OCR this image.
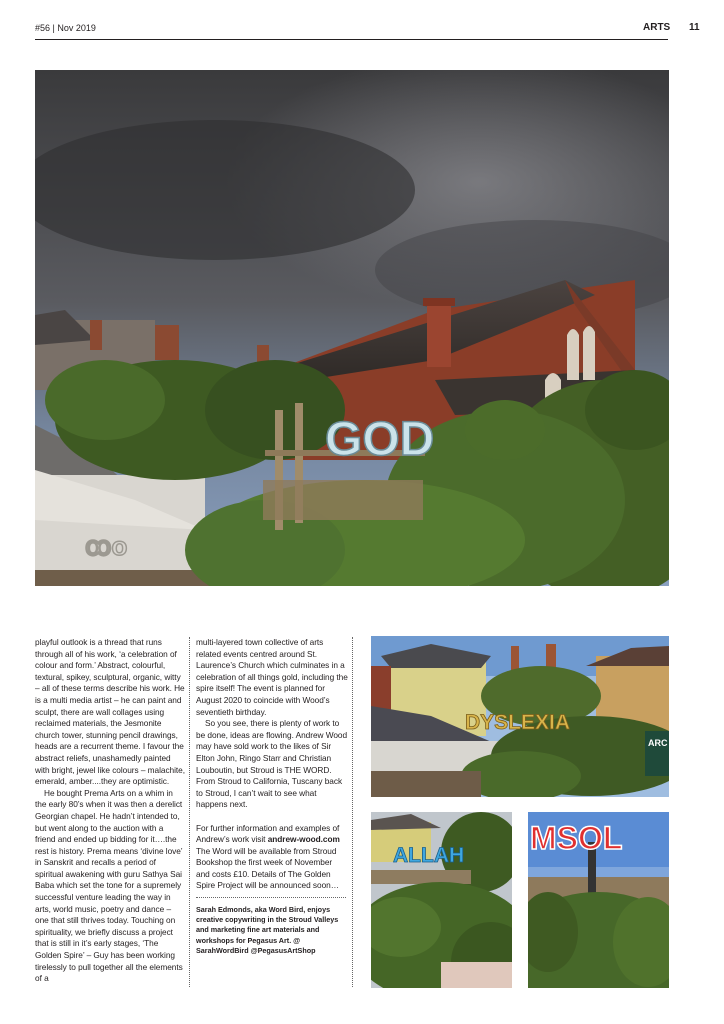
#56 | Nov 2019	ARTS 11
GOD
ꝏo
DYSLEXIA
ARC
ALLAH MSOL

playful outlook is a thread that runs through all of his work, ‘a celebration of colour and form.’ Abstract, colourful, textural, spikey, sculptural, organic, witty – all of these terms describe his work. He is a multi media artist – he can paint and sculpt, there are wall collages using reclaimed materials, the Jesmonite church tower, stunning pencil drawings, heads are a recurrent theme. I favour the abstract reliefs, unashamedly painted with bright, jewel like colours – malachite, emerald, amber....they are optimistic.

He bought Prema Arts on a whim in the early 80’s when it was then a derelict Georgian chapel. He hadn’t intended to, but went along to the auction with a friend and ended up bidding for it….the rest is history. Prema means ‘divine love’ in Sanskrit and recalls a period of spiritual awakening with guru Sathya Sai Baba which set the tone for a supremely successful venture leading the way in arts, world music, poetry and dance – one that still thrives today. Touching on spirituality, we briefly discuss a project that is still in it’s early stages, ‘The Golden Spire’ – Guy has been working tirelessly to pull together all the elements of a

multi-layered town collective of arts related events centred around St. Laurence’s Church which culminates in a celebration of all things gold, including the spire itself! The event is planned for August 2020 to coincide with Wood’s seventieth birthday.

So you see, there is plenty of work to be done, ideas are flowing. Andrew Wood may have sold work to the likes of Sir Elton John, Ringo Starr and Christian Louboutin, but Stroud is THE WORD. From Stroud to California, Tuscany back to Stroud, I can’t wait to see what happens next.

For further information and examples of Andrew’s work visit andrew-wood.com The Word will be available from Stroud Bookshop the first week of November and costs £10. Details of The Golden Spire Project will be announced soon…

Sarah Edmonds, aka Word Bird, enjoys creative copywriting in the Stroud Valleys and marketing fine art materials and workshops for Pegasus Art. @ SarahWordBird @PegasusArtShop
